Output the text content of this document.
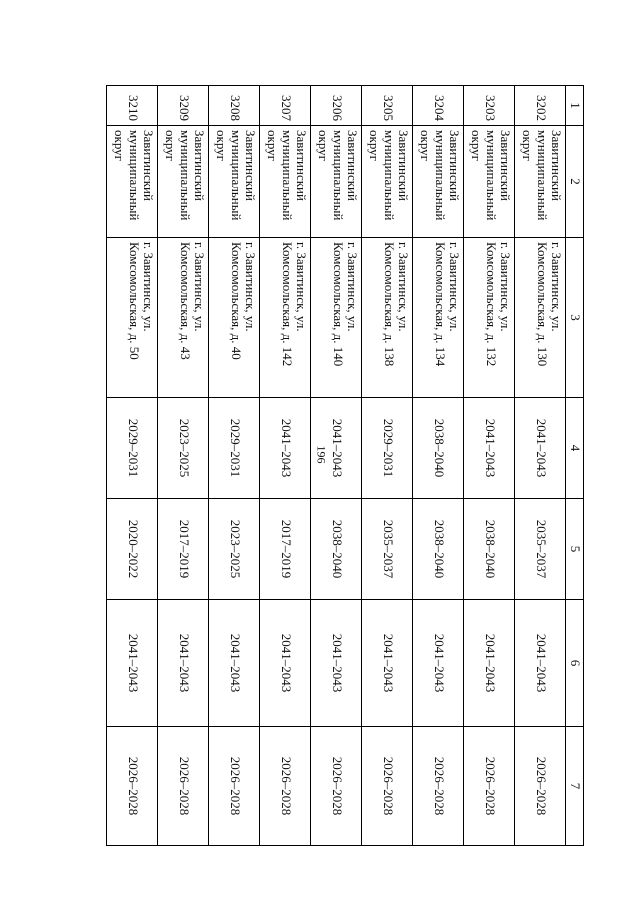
196
1	2	3	4	5	6	7
3202	Завитинский муниципальный округ	г. Завитинск, ул. Комсомольская, д. 130	2041–2043	2035–2037	2041–2043	2026–2028
3203	Завитинский муниципальный округ	г. Завитинск, ул. Комсомольская, д. 132	2041–2043	2038–2040	2041–2043	2026–2028
3204	Завитинский муниципальный округ	г. Завитинск, ул. Комсомольская, д. 134	2038–2040	2038–2040	2041–2043	2026–2028
3205	Завитинский муниципальный округ	г. Завитинск, ул. Комсомольская, д. 138	2029–2031	2035–2037	2041–2043	2026–2028
3206	Завитинский муниципальный округ	г. Завитинск, ул. Комсомольская, д. 140	2041–2043	2038–2040	2041–2043	2026–2028
3207	Завитинский муниципальный округ	г. Завитинск, ул. Комсомольская, д. 142	2041–2043	2017–2019	2041–2043	2026–2028
3208	Завитинский муниципальный округ	г. Завитинск, ул. Комсомольская, д. 40	2029–2031	2023–2025	2041–2043	2026–2028
3209	Завитинский муниципальный округ	г. Завитинск, ул. Комсомольская, д. 43	2023–2025	2017–2019	2041–2043	2026–2028
3210	Завитинский муниципальный округ	г. Завитинск, ул. Комсомольская, д. 50	2029–2031	2020–2022	2041–2043	2026–2028
